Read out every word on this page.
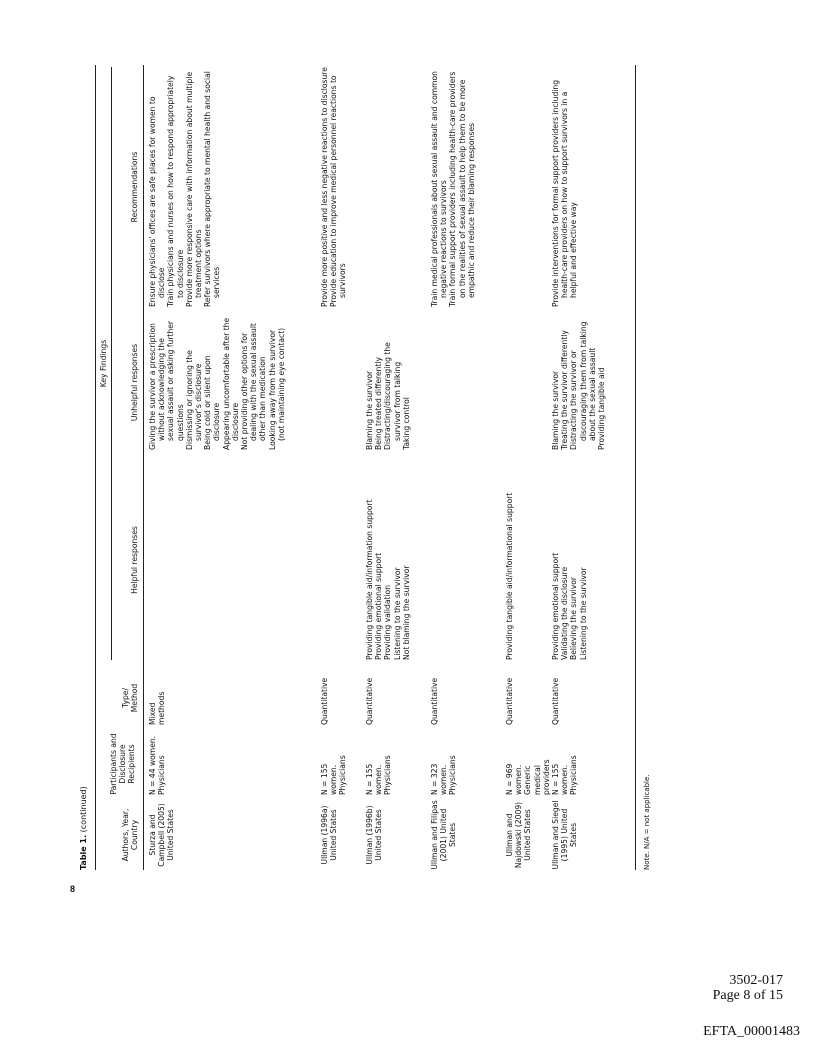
8
Table 1. (continued)	Authors, Year, Country
Participants and Disclosure Recipients
Type/ Method
Key Findings
Helpful responses
Unhelpful responses
Recommendations
Sturza and Campbell (2005) United States
N = 44 women. Physicians
Mixed methods
Giving the survivor a prescription without acknowledging the sexual assault or asking further questions Dismissing or ignoring the survivor's disclosure Being cold or silent upon disclosure Appearing uncomfortable after the disclosure Not providing other options for dealing with the sexual assault other than medication Looking away from the survivor (not maintaining eye contact)
Ensure physicians' offices are safe places for women to disclose Train physicians and nurses on how to respond appropriately to disclosure Provide more responsive care with information about multiple treatment options Refer survivors where appropriate to mental health and social services
Ullman (1996a) United States
N = 155 women. Physicians
Quantitative
Provide more positive and less negative reactions to disclosure Provide education to improve medical personnel reactions to survivors
Ullman (1996b) United States
N = 155 women. Physicians
Quantitative
Providing tangible aid/information support Providing emotional support Providing validation Listening to the survivor Not blaming the survivor
Blaming the survivor Being treated differently Distracting/discouraging the survivor from talking Taking control
Ullman and Filipas (2001) United States
N = 323 women. Physicians
Quantitative
Train medical professionals about sexual assault and common negative reactions to survivors Train formal support providers including health-care providers on the realities of sexual assault to help them to be more empathic and reduce their blaming responses
Ullman and Najdowski (2009) United States
N = 969 women. Generic medical providers
Quantitative
Providing tangible aid/informational support
Ullman and Siegel (1995) United States
N = 155 women. Physicians
Quantitative
Providing emotional support Validating the disclosure Believing the survivor Listening to the survivor
Blaming the survivor Treating the survivor differently Distracting the survivor or discouraging them from talking about the sexual assault Providing tangible aid
Provide interventions for formal support providers including health-care providers on how to support survivors in a helpful and effective way
Note. N/A = not applicable.
3502-017
Page 8 of 15
EFTA_00001483
